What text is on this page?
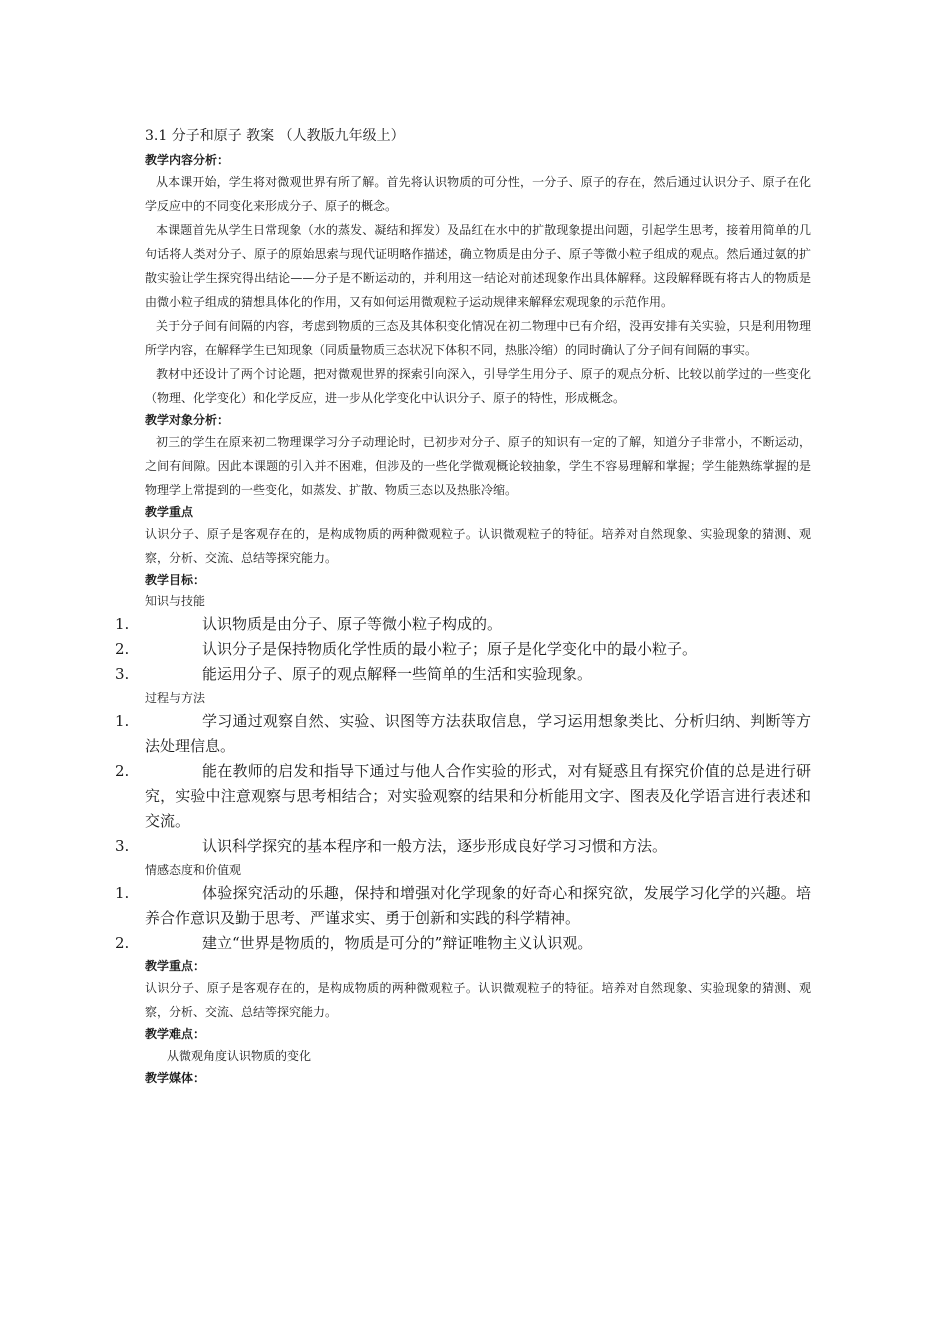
3.1 分子和原子 教案 （人教版九年级上）
教学内容分析：

从本课开始，学生将对微观世界有所了解。首先将认识物质的可分性，一分子、原子的存在，然后通过认识分子、原子在化学反应中的不同变化来形成分子、原子的概念。

本课题首先从学生日常现象（水的蒸发、凝结和挥发）及品红在水中的扩散现象提出问题，引起学生思考，接着用简单的几句话将人类对分子、原子的原始思索与现代证明略作描述，确立物质是由分子、原子等微小粒子组成的观点。然后通过氨的扩散实验让学生探究得出结论——分子是不断运动的，并利用这一结论对前述现象作出具体解释。这段解释既有将古人的物质是由微小粒子组成的猜想具体化的作用，又有如何运用微观粒子运动规律来解释宏观现象的示范作用。

关于分子间有间隔的内容，考虑到物质的三态及其体积变化情况在初二物理中已有介绍，没再安排有关实验，只是利用物理所学内容，在解释学生已知现象（同质量物质三态状况下体积不同，热胀冷缩）的同时确认了分子间有间隔的事实。

教材中还设计了两个讨论题，把对微观世界的探索引向深入，引导学生用分子、原子的观点分析、比较以前学过的一些变化（物理、化学变化）和化学反应，进一步从化学变化中认识分子、原子的特性，形成概念。

教学对象分析：

初三的学生在原来初二物理课学习分子动理论时，已初步对分子、原子的知识有一定的了解，知道分子非常小，不断运动，之间有间隙。因此本课题的引入并不困难，但涉及的一些化学微观概论较抽象，学生不容易理解和掌握；学生能熟练掌握的是物理学上常提到的一些变化，如蒸发、扩散、物质三态以及热胀冷缩。

教学重点

认识分子、原子是客观存在的，是构成物质的两种微观粒子。认识微观粒子的特征。培养对自然现象、实验现象的猜测、观察，分析、交流、总结等探究能力。

教学目标：
知识与技能
1.	认识物质是由分子、原子等微小粒子构成的。
2.	认识分子是保持物质化学性质的最小粒子；原子是化学变化中的最小粒子。
3.	能运用分子、原子的观点解释一些简单的生活和实验现象。
过程与方法
1.	学习通过观察自然、实验、识图等方法获取信息，学习运用想象类比、分析归纳、判断等方法处理信息。
2.	能在教师的启发和指导下通过与他人合作实验的形式，对有疑惑且有探究价值的总是进行研究，实验中注意观察与思考相结合；对实验观察的结果和分析能用文字、图表及化学语言进行表述和交流。
3.	认识科学探究的基本程序和一般方法，逐步形成良好学习习惯和方法。
情感态度和价值观
1.	体验探究活动的乐趣，保持和增强对化学现象的好奇心和探究欲，发展学习化学的兴趣。培养合作意识及勤于思考、严谨求实、勇于创新和实践的科学精神。
2.	建立“世界是物质的，物质是可分的”辩证唯物主义认识观。
教学重点：

认识分子、原子是客观存在的，是构成物质的两种微观粒子。认识微观粒子的特征。培养对自然现象、实验现象的猜测、观察，分析、交流、总结等探究能力。

教学难点：

从微观角度认识物质的变化

教学媒体：
